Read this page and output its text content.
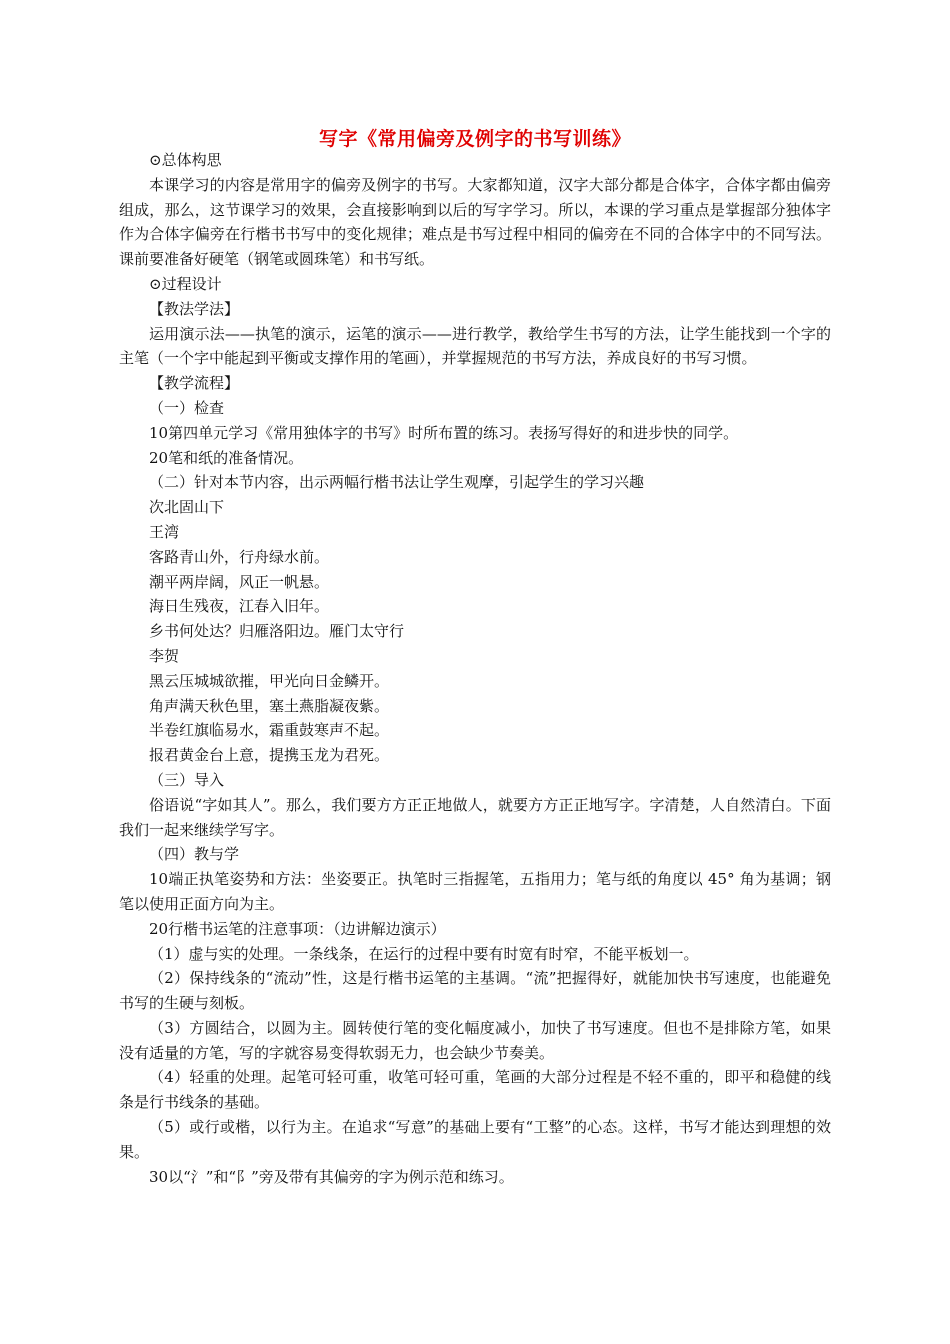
写字《常用偏旁及例字的书写训练》

⊙总体构思

本课学习的内容是常用字的偏旁及例字的书写。大家都知道，汉字大部分都是合体字，合体字都由偏旁组成，那么，这节课学习的效果，会直接影响到以后的写字学习。所以，本课的学习重点是掌握部分独体字作为合体字偏旁在行楷书书写中的变化规律；难点是书写过程中相同的偏旁在不同的合体字中的不同写法。课前要准备好硬笔（钢笔或圆珠笔）和书写纸。

⊙过程设计

【教法学法】

运用演示法——执笔的演示，运笔的演示——进行教学，教给学生书写的方法，让学生能找到一个字的主笔（一个字中能起到平衡或支撑作用的笔画），并掌握规范的书写方法，养成良好的书写习惯。

【教学流程】

（一）检查

10第四单元学习《常用独体字的书写》时所布置的练习。表扬写得好的和进步快的同学。

20笔和纸的准备情况。

（二）针对本节内容，出示两幅行楷书法让学生观摩，引起学生的学习兴趣

次北固山下

王湾

客路青山外，行舟绿水前。

潮平两岸阔，风正一帆悬。

海日生残夜，江春入旧年。

乡书何处达？归雁洛阳边。雁门太守行

李贺

黑云压城城欲摧，甲光向日金鳞开。

角声满天秋色里，塞土燕脂凝夜紫。

半卷红旗临易水，霜重鼓寒声不起。

报君黄金台上意，提携玉龙为君死。

（三）导入

俗语说“字如其人”。那么，我们要方方正正地做人，就要方方正正地写字。字清楚，人自然清白。下面我们一起来继续学写字。

（四）教与学

10端正执笔姿势和方法：坐姿要正。执笔时三指握笔，五指用力；笔与纸的角度以 45° 角为基调；钢笔以使用正面方向为主。

20行楷书运笔的注意事项：（边讲解边演示）

（1）虚与实的处理。一条线条，在运行的过程中要有时宽有时窄，不能平板划一。

（2）保持线条的“流动”性，这是行楷书运笔的主基调。“流”把握得好，就能加快书写速度，也能避免书写的生硬与刻板。

（3）方圆结合，以圆为主。圆转使行笔的变化幅度减小，加快了书写速度。但也不是排除方笔，如果没有适量的方笔，写的字就容易变得软弱无力，也会缺少节奏美。

（4）轻重的处理。起笔可轻可重，收笔可轻可重，笔画的大部分过程是不轻不重的，即平和稳健的线条是行书线条的基础。

（5）或行或楷，以行为主。在追求“写意”的基础上要有“工整”的心态。这样，书写才能达到理想的效果。

30以“氵”和“阝”旁及带有其偏旁的字为例示范和练习。
